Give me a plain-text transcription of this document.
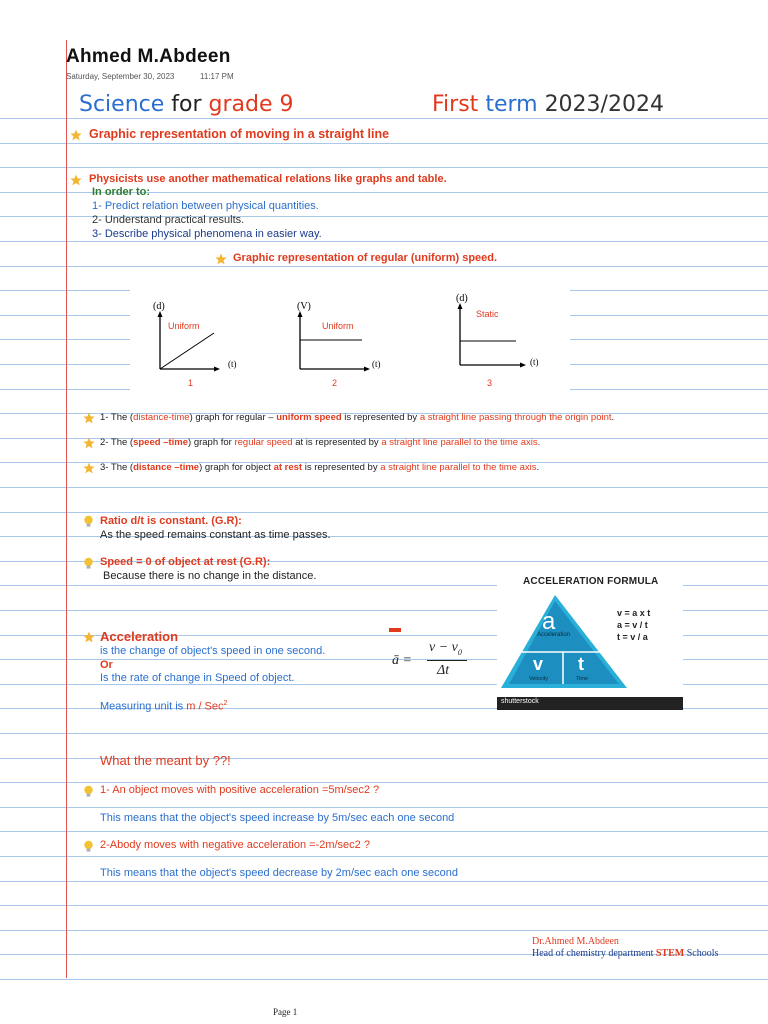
Ahmed M.Abdeen
Saturday, September 30, 2023	11:17 PM
Science for grade 9	First term 2023/2024
Graphic representation of moving in a straight line
Physicists use another mathematical relations like graphs and table.
In order to:
1- Predict relation between physical quantities.
2- Understand practical results.
3- Describe physical phenomena in easier way.
Graphic representation of regular (uniform) speed.
(d)
(t)
Uniform
1
(V)
(t)
Uniform
2
(d)
(t)
Static
3
1- The (distance-time) graph for regular – uniform speed is represented by a straight line passing through the origin point.
2- The (speed –time) graph for regular speed at is represented by a straight line parallel to the time axis.
3- The (distance –time) graph for object at rest is represented by a straight line parallel to the time axis.
Ratio d/t is constant. (G.R):
As the speed remains constant as time passes.
Speed = 0 of object at rest (G.R):
Because there is no change in the distance.
Acceleration
is the change of object's speed in one second.
Or
Is the rate of change in Speed of object.
Measuring unit is m / Sec$^2$
ā =
$v - v_0$
Δt
ACCELERATION FORMULA
a
Acceleration
v
Velocity
t
Time
v = a x t
a = v / t
t = v / a
shutterstock
What the meant by ??!
1- An object moves with positive acceleration =5m/sec2 ?
This means that the object's speed increase by 5m/sec each one second
2-Abody moves with negative acceleration =-2m/sec2 ?
This means that the object's speed decrease by 2m/sec each one second
Dr.Ahmed M.Abdeen
Head of chemistry department STEM Schools
Page 1
